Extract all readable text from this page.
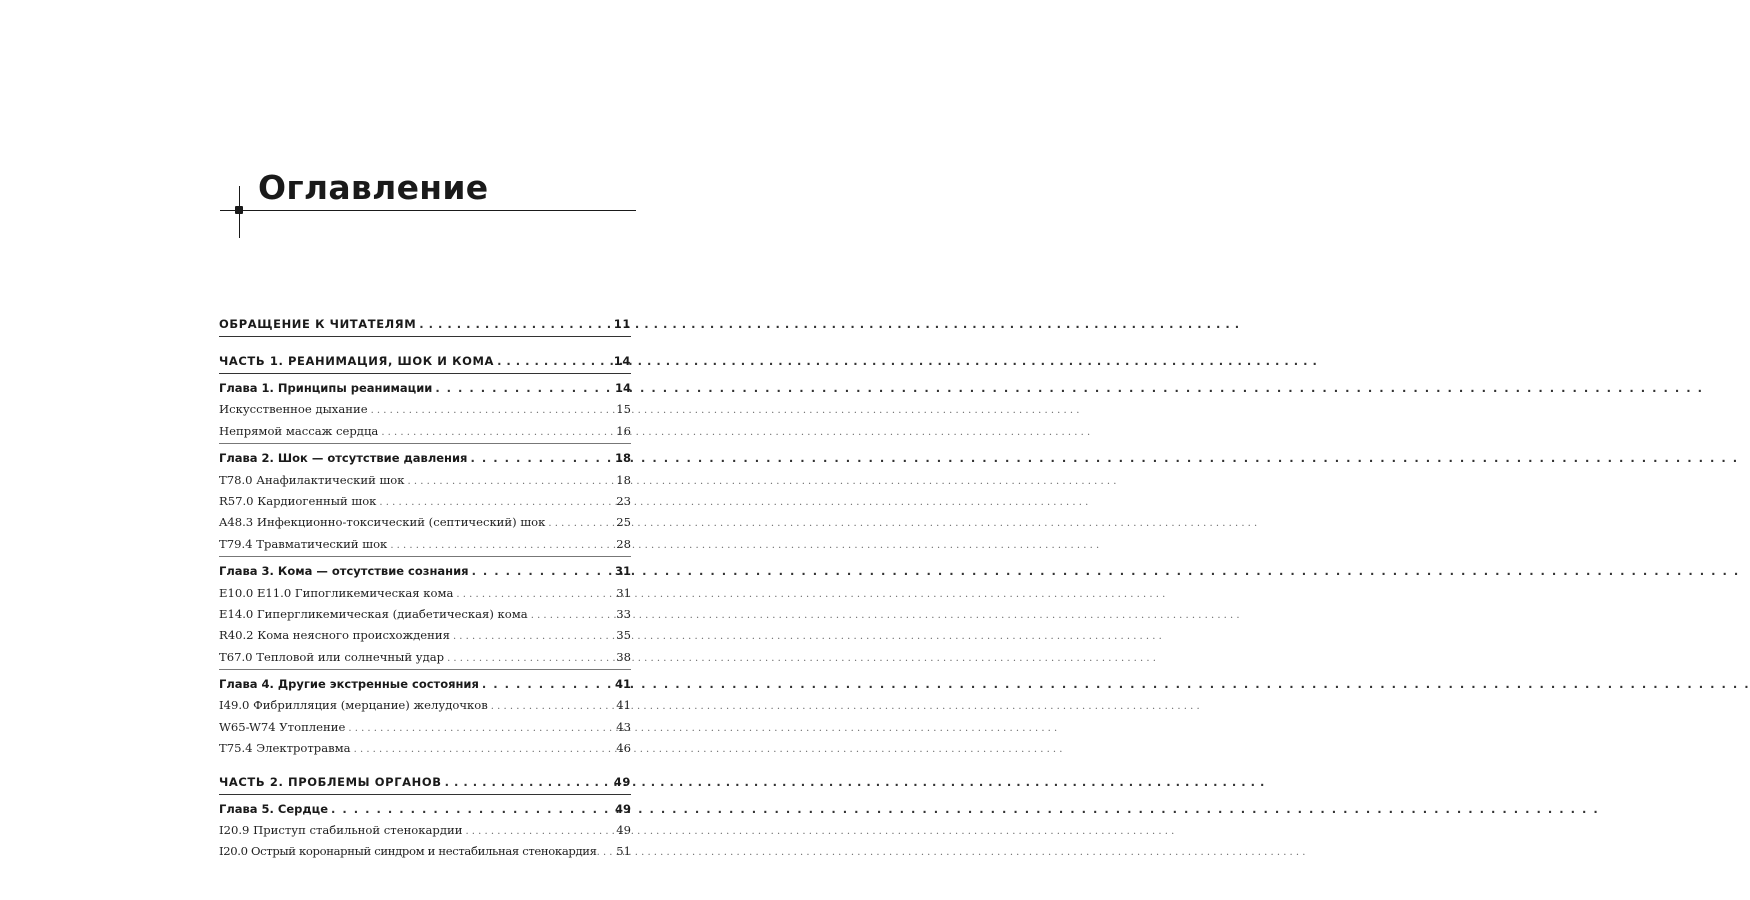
Оглавление
ОБРАЩЕНИЕ К ЧИТАТЕЛЯМ . . .	11
ЧАСТЬ 1. РЕАНИМАЦИЯ, ШОК И КОМА . . .	14
Глава 1. Принципы реанимации . . .	14
Искусственное дыхание . . .	15
Непрямой массаж сердца . . .	16
Глава 2. Шок — отсутствие давления . . .	18
T78.0 Анафилактический шок . . .	18
R57.0 Кардиогенный шок . . .	23
A48.3 Инфекционно-токсический (септический) шок . . .	25
T79.4 Травматический шок . . .	28
Глава 3. Кома — отсутствие сознания . . .	31
E10.0 E11.0 Гипогликемическая кома . . .	31
E14.0 Гипергликемическая (диабетическая) кома . . .	33
R40.2 Кома неясного происхождения . . .	35
T67.0 Тепловой или солнечный удар . . .	38
Глава 4. Другие экстренные состояния . . .	41
I49.0 Фибрилляция (мерцание) желудочков . . .	41
W65-W74 Утопление . . .	43
T75.4 Электротравма . . .	46
ЧАСТЬ 2. ПРОБЛЕМЫ ОРГАНОВ . . .	49
Глава 5. Сердце . . .	49
I20.9 Приступ стабильной стенокардии . . .	49
I20.0 Острый коронарный синдром и нестабильная стенокардия . . . 51
